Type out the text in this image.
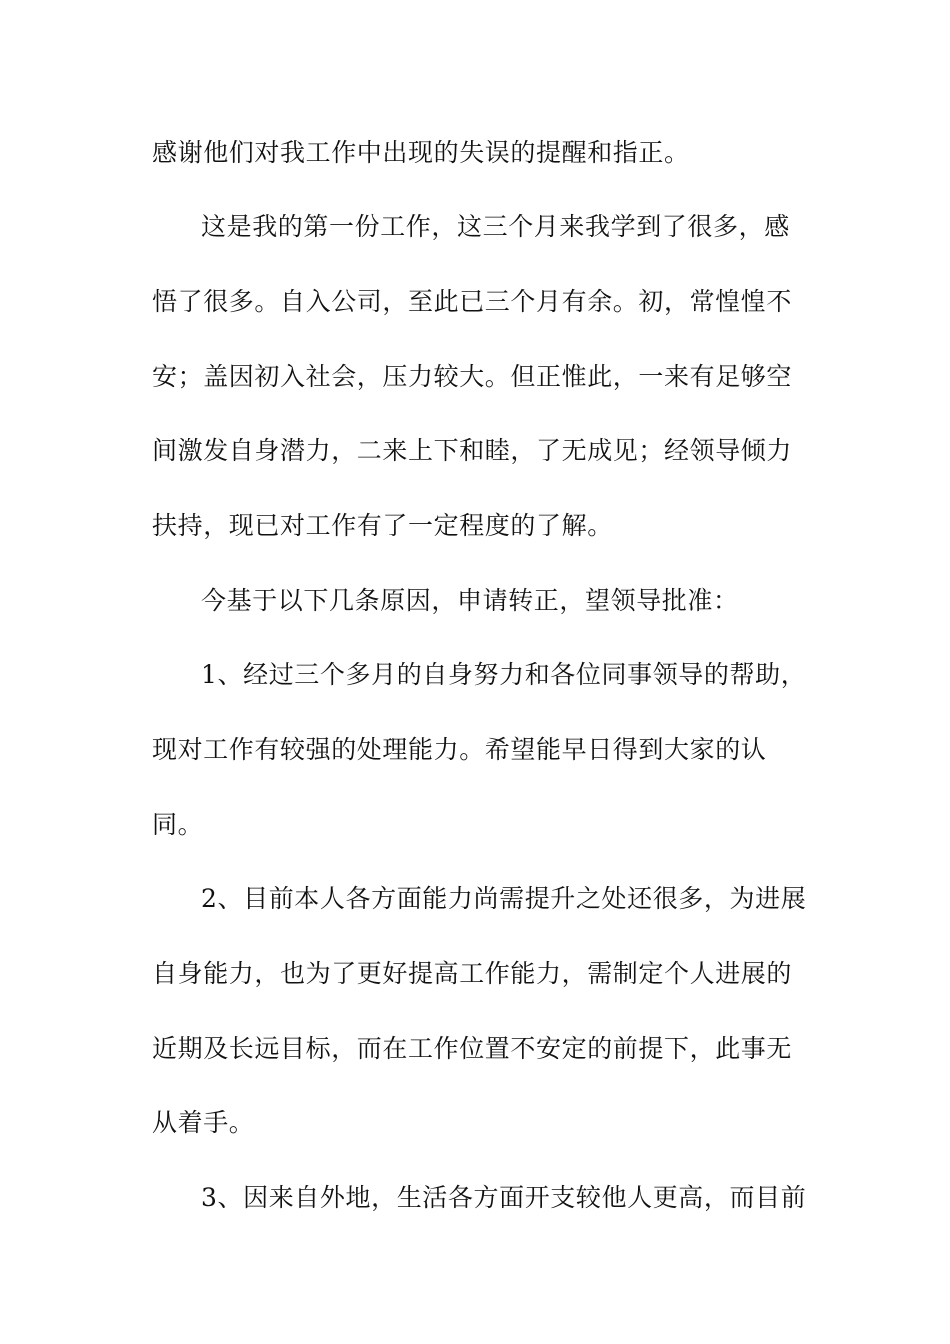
感谢他们对我工作中出现的失误的提醒和指正。
这是我的第一份工作，这三个月来我学到了很多，感
悟了很多。自入公司，至此已三个月有余。初，常惶惶不
安；盖因初入社会，压力较大。但正惟此，一来有足够空
间激发自身潜力，二来上下和睦，了无成见；经领导倾力
扶持，现已对工作有了一定程度的了解。
今基于以下几条原因，申请转正，望领导批准：
1、经过三个多月的自身努力和各位同事领导的帮助，
现对工作有较强的处理能力。希望能早日得到大家的认
同。
2、目前本人各方面能力尚需提升之处还很多，为进展
自身能力，也为了更好提高工作能力，需制定个人进展的
近期及长远目标，而在工作位置不安定的前提下，此事无
从着手。
3、因来自外地，生活各方面开支较他人更高，而目前
